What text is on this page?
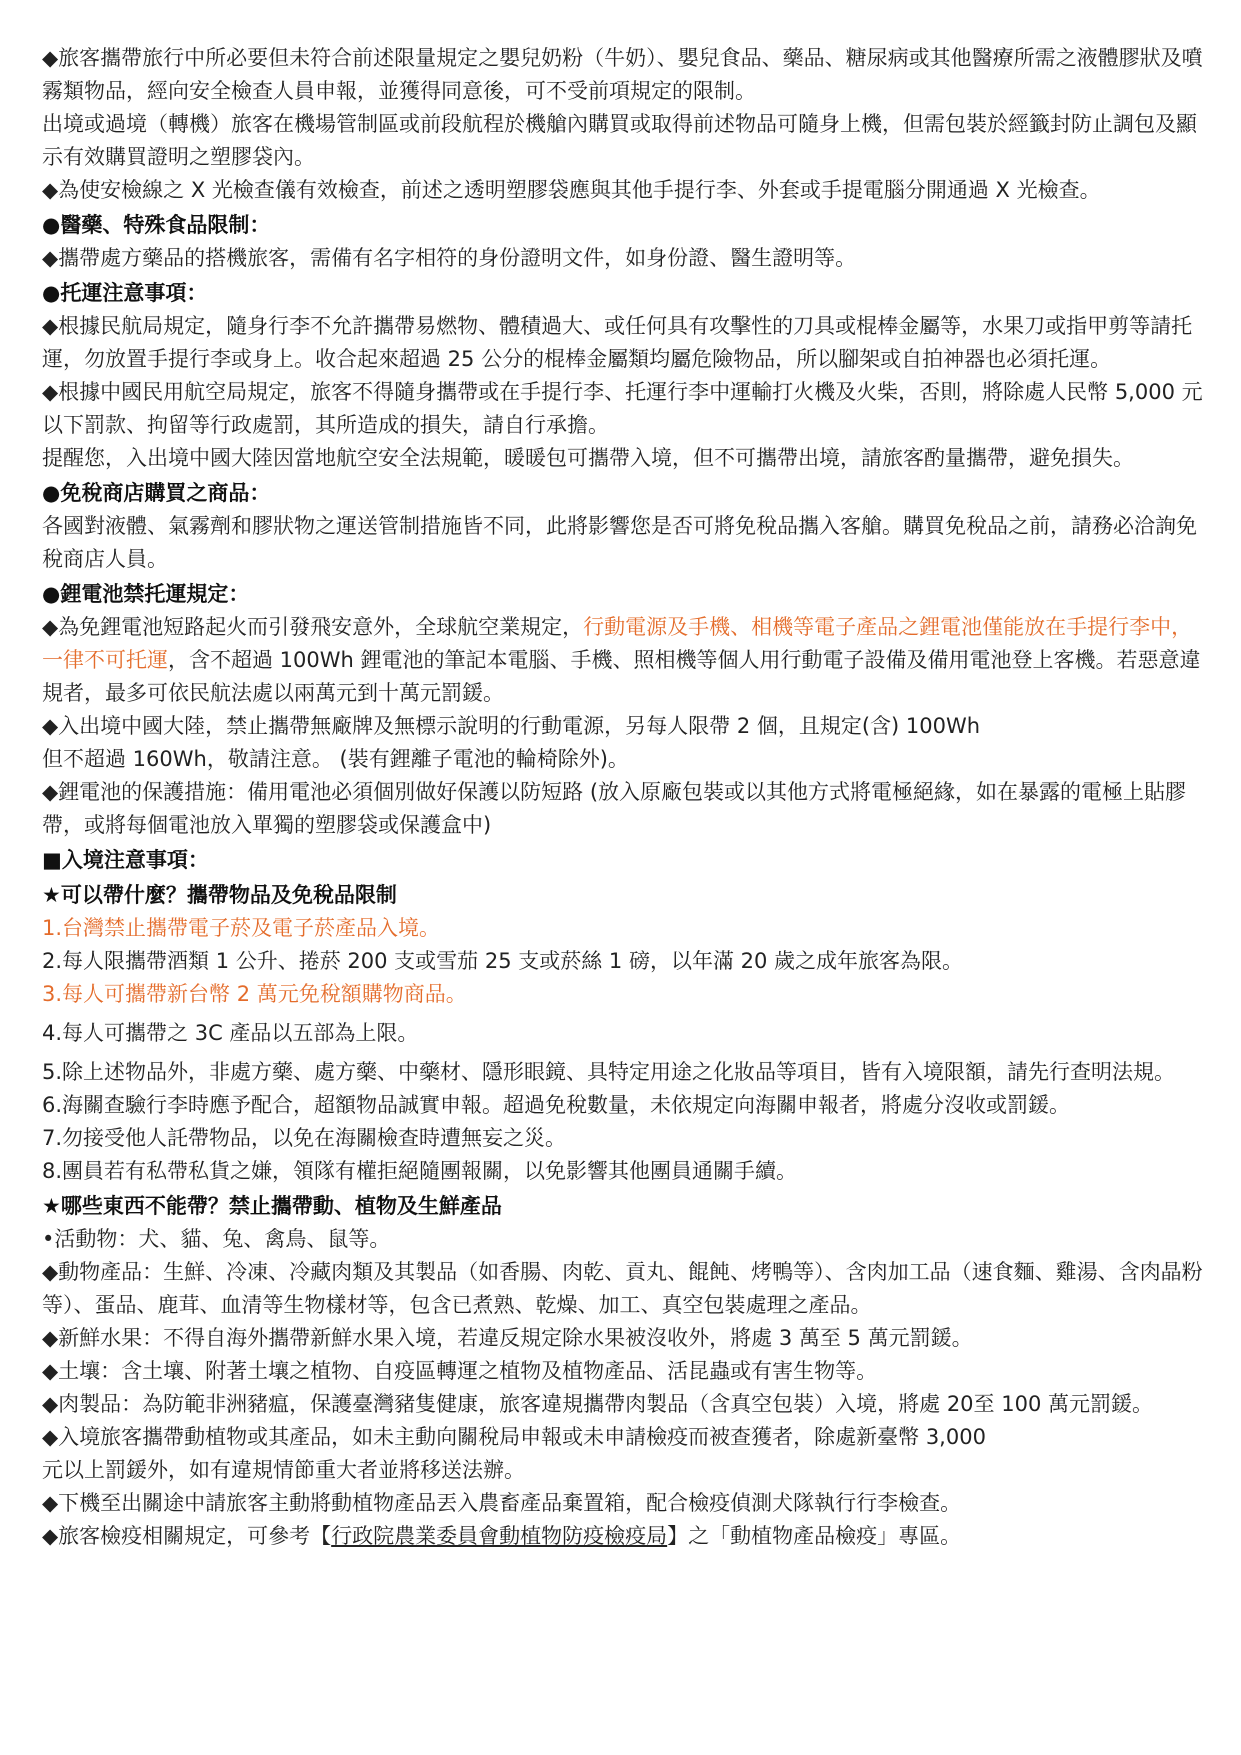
◆旅客攜帶旅行中所必要但未符合前述限量規定之嬰兒奶粉（牛奶）、嬰兒食品、藥品、糖尿病或其他醫療所需之液體膠狀及噴霧類物品，經向安全檢查人員申報，並獲得同意後，可不受前項規定的限制。

出境或過境（轉機）旅客在機場管制區或前段航程於機艙內購買或取得前述物品可隨身上機，但需包裝於經籤封防止調包及顯示有效購買證明之塑膠袋內。

◆為使安檢線之 X 光檢查儀有效檢查，前述之透明塑膠袋應與其他手提行李、外套或手提電腦分開通過 X 光檢查。

●醫藥、特殊食品限制：

◆攜帶處方藥品的搭機旅客，需備有名字相符的身份證明文件，如身份證、醫生證明等。

●托運注意事項：

◆根據民航局規定，隨身行李不允許攜帶易燃物、體積過大、或任何具有攻擊性的刀具或棍棒金屬等，水果刀或指甲剪等請托運，勿放置手提行李或身上。收合起來超過 25 公分的棍棒金屬類均屬危險物品，所以腳架或自拍神器也必須托運。

◆根據中國民用航空局規定，旅客不得隨身攜帶或在手提行李、托運行李中運輸打火機及火柴，否則，將除處人民幣 5,000 元以下罰款、拘留等行政處罰，其所造成的損失，請自行承擔。

提醒您，入出境中國大陸因當地航空安全法規範，暖暖包可攜帶入境，但不可攜帶出境，請旅客酌量攜帶，避免損失。

●免稅商店購買之商品：

各國對液體、氣霧劑和膠狀物之運送管制措施皆不同，此將影響您是否可將免稅品攜入客艙。購買免稅品之前，請務必洽詢免稅商店人員。

●鋰電池禁托運規定：

◆為免鋰電池短路起火而引發飛安意外，全球航空業規定，行動電源及手機、相機等電子產品之鋰電池僅能放在手提行李中，一律不可托運，含不超過 100Wh 鋰電池的筆記本電腦、手機、照相機等個人用行動電子設備及備用電池登上客機。若惡意違規者，最多可依民航法處以兩萬元到十萬元罰鍰。

◆入出境中國大陸，禁止攜帶無廠牌及無標示說明的行動電源，另每人限帶 2 個，且規定(含) 100Wh

但不超過 160Wh，敬請注意。 (裝有鋰離子電池的輪椅除外)。

◆鋰電池的保護措施：備用電池必須個別做好保護以防短路 (放入原廠包裝或以其他方式將電極絕緣，如在暴露的電極上貼膠帶，或將每個電池放入單獨的塑膠袋或保護盒中)

■入境注意事項：

★可以帶什麼？攜帶物品及免稅品限制

1.台灣禁止攜帶電子菸及電子菸產品入境。

2.每人限攜帶酒類 1 公升、捲菸 200 支或雪茄 25 支或菸絲 1 磅，以年滿 20 歲之成年旅客為限。

3.每人可攜帶新台幣 2 萬元免稅額購物商品。

4.每人可攜帶之 3C 產品以五部為上限。

5.除上述物品外，非處方藥、處方藥、中藥材、隱形眼鏡、具特定用途之化妝品等項目，皆有入境限額，請先行查明法規。

6.海關查驗行李時應予配合，超額物品誠實申報。超過免稅數量，未依規定向海關申報者，將處分沒收或罰鍰。

7.勿接受他人託帶物品，以免在海關檢查時遭無妄之災。

8.團員若有私帶私貨之嫌，領隊有權拒絕隨團報關，以免影響其他團員通關手續。

★哪些東西不能帶？禁止攜帶動、植物及生鮮產品

•活動物：犬、貓、兔、禽鳥、鼠等。

◆動物產品：生鮮、冷凍、冷藏肉類及其製品（如香腸、肉乾、貢丸、餛飩、烤鴨等）、含肉加工品（速食麵、雞湯、含肉晶粉等）、蛋品、鹿茸、血清等生物樣材等，包含已煮熟、乾燥、加工、真空包裝處理之產品。

◆新鮮水果：不得自海外攜帶新鮮水果入境，若違反規定除水果被沒收外，將處 3 萬至 5 萬元罰鍰。

◆土壤：含土壤、附著土壤之植物、自疫區轉運之植物及植物產品、活昆蟲或有害生物等。

◆肉製品：為防範非洲豬瘟，保護臺灣豬隻健康，旅客違規攜帶肉製品（含真空包裝）入境，將處 20至 100 萬元罰鍰。

◆入境旅客攜帶動植物或其產品，如未主動向關稅局申報或未申請檢疫而被查獲者，除處新臺幣 3,000

元以上罰鍰外，如有違規情節重大者並將移送法辦。

◆下機至出關途中請旅客主動將動植物產品丟入農畜產品棄置箱，配合檢疫偵測犬隊執行行李檢查。

◆旅客檢疫相關規定，可參考【行政院農業委員會動植物防疫檢疫局】之「動植物產品檢疫」專區。
